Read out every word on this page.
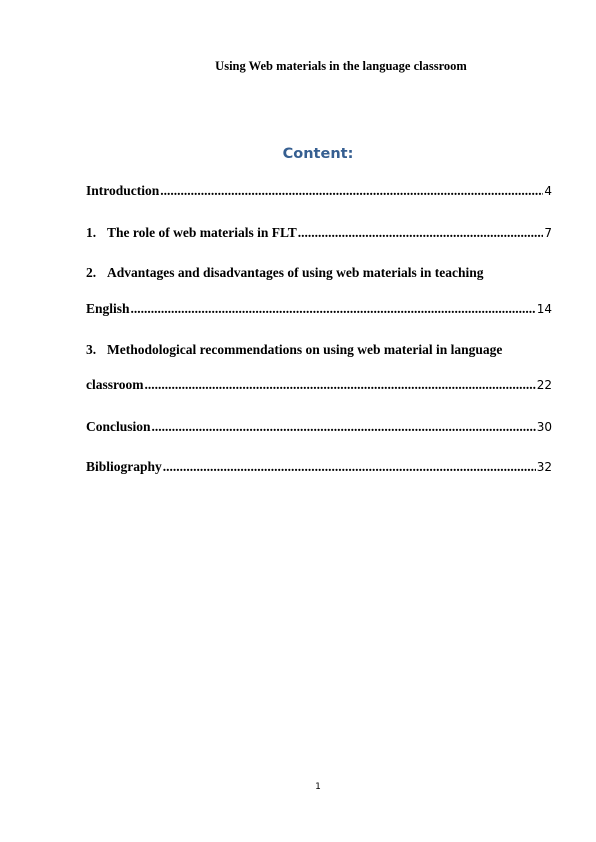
Using Web materials in the language classroom
Content:
Introduction .....	4
1. The role of web materials in FLT .....	7
2. Advantages and disadvantages of using web materials in teaching
English .....	14
3. Methodological recommendations on using web material in language
classroom .....	22
Conclusion .....	30
Bibliography .....	32
1
